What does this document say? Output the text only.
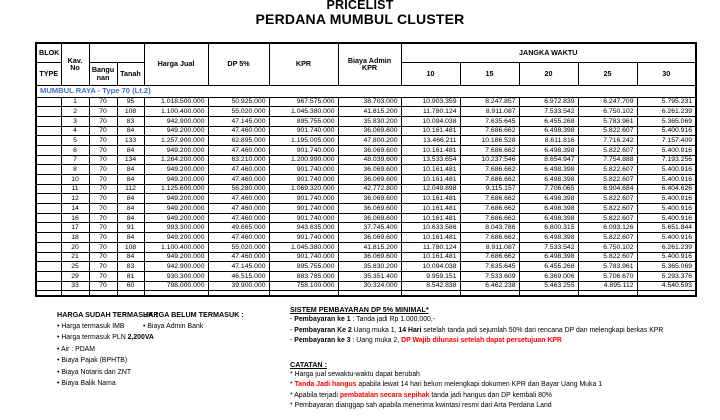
PRICELIST
PERDANA MUMBUL CLUSTER
BLOK	Kav. No			Harga Jual	DP 5%	KPR	Biaya Admin KPR	JANGKA WAKTU				
TYPE		Bangunan	Tanah					10	15	20	25	30
MUMBUL RAYA - Type 70 (Lt.2)												
	1	70	95	1.018.500.000	50.925.000	967.575.000	38.703.000	10.903.359	8.247.857	6.972.839	6.247.709	5.795.231
	2	70	108	1.100.400.000	55.020.000	1.045.380.000	41.815.200	11.780.124	8.911.087	7.533.542	6.750.102	6.261.239
	3	70	83	942.900.000	47.145.000	895.755.000	35.830.200	10.094.038	7.635.645	6.455.268	5.783.961	5.365.069
	4	70	84	949.200.000	47.460.000	901.740.000	36.069.600	10.161.481	7.686.662	6.498.398	5.822.607	5.400.916
	5	70	133	1.257.900.000	62.895.000	1.195.005.000	47.800.200	13.466.211	10.186.528	8.611.816	7.716.242	7.157.409
	6	70	84	949.200.000	47.460.000	901.740.000	36.069.600	10.161.481	7.686.662	6.498.398	5.822.607	5.400.916
	7	70	134	1.264.200.000	63.210.000	1.200.990.000	48.039.600	13.533.654	10.237.546	8.654.947	7.754.888	7.193.256
	8	70	84	949.200.000	47.460.000	901.740.000	36.069.600	10.161.481	7.686.662	6.498.398	5.822.607	5.400.916
	10	70	84	949.200.000	47.460.000	901.740.000	36.069.600	10.161.481	7.686.662	6.498.398	5.822.607	5.400.916
	11	70	112	1.125.600.000	56.280.000	1.069.320.000	42.772.800	12.049.898	9.115.157	7.706.065	6.904.684	6.404.626
	12	70	84	949.200.000	47.460.000	901.740.000	36.069.600	10.161.481	7.686.662	6.498.398	5.822.607	5.400.916
	14	70	84	949.200.000	47.460.000	901.740.000	36.069.600	10.161.481	7.686.662	6.498.398	5.822.607	5.400.916
	16	70	84	949.200.000	47.460.000	901.740.000	36.069.600	10.161.481	7.686.662	6.498.398	5.822.607	5.400.916
	17	70	91	993.300.000	49.665.000	943.635.000	37.745.400	10.633.586	8.043.786	6.800.315	6.093.126	5.651.844
	18	70	84	949.200.000	47.460.000	901.740.000	36.069.600	10.161.481	7.686.662	6.498.398	5.822.607	5.400.916
	20	70	108	1.100.400.000	55.020.000	1.045.380.000	41.815.200	11.780.124	8.911.087	7.533.542	6.750.102	6.261.239
	21	70	84	949.200.000	47.460.000	901.740.000	36.069.600	10.161.481	7.686.662	6.498.398	5.822.607	5.400.916
	25	70	83	942.900.000	47.145.000	895.755.000	35.830.200	10.094.038	7.635.645	6.455.268	5.783.961	5.365.069
	29	70	81	930.300.000	46.515.000	883.785.000	35.351.400	9.959.151	7.533.609	6.369.006	5.706.670	5.293.376
	33	70	60	798.000.000	39.900.000	758.100.000	30.324.000	8.542.838	6.462.238	5.463.255	4.895.112	4.540.593

HARGA SUDAH TERMASUK :
• Harga termasuk IMB
• Harga termasuk PLN 2,200VA
• Air : PDAM
• Biaya Pajak (BPHTB)
• Biaya Notaris dan ZNT
• Biaya Balik Nama
HARGA BELUM TERMASUK :
• Biaya Admin Bank
SISTEM PEMBAYARAN DP 5% MINIMAL*
- Pembayaran ke 1 : Tanda jadi Rp 1.000.000,-
- Pembayaran Ke 2 Uang muka 1, 14 Hari setelah tanda jadi sejumlah 50% dari rencana DP dan melengkapi berkas KPR
- Pembayaran ke 3 : Uang muka 2, DP Wajib dilunasi setelah dapat persetujuan KPR
CATATAN :
* Harga jual sewaktu-waktu dapat berubah
* Tanda Jadi hangus apabila lewat 14 hari belum melengkapi dokumen KPR dan Bayar Uang Muka 1
* Apabila terjadi pembatalan secara sepihak tanda jadi hangus dan DP kembali 80%
* Pembayaran dianggap sah apabila menerima kwintasi resmi dari Arta Perdana Land
